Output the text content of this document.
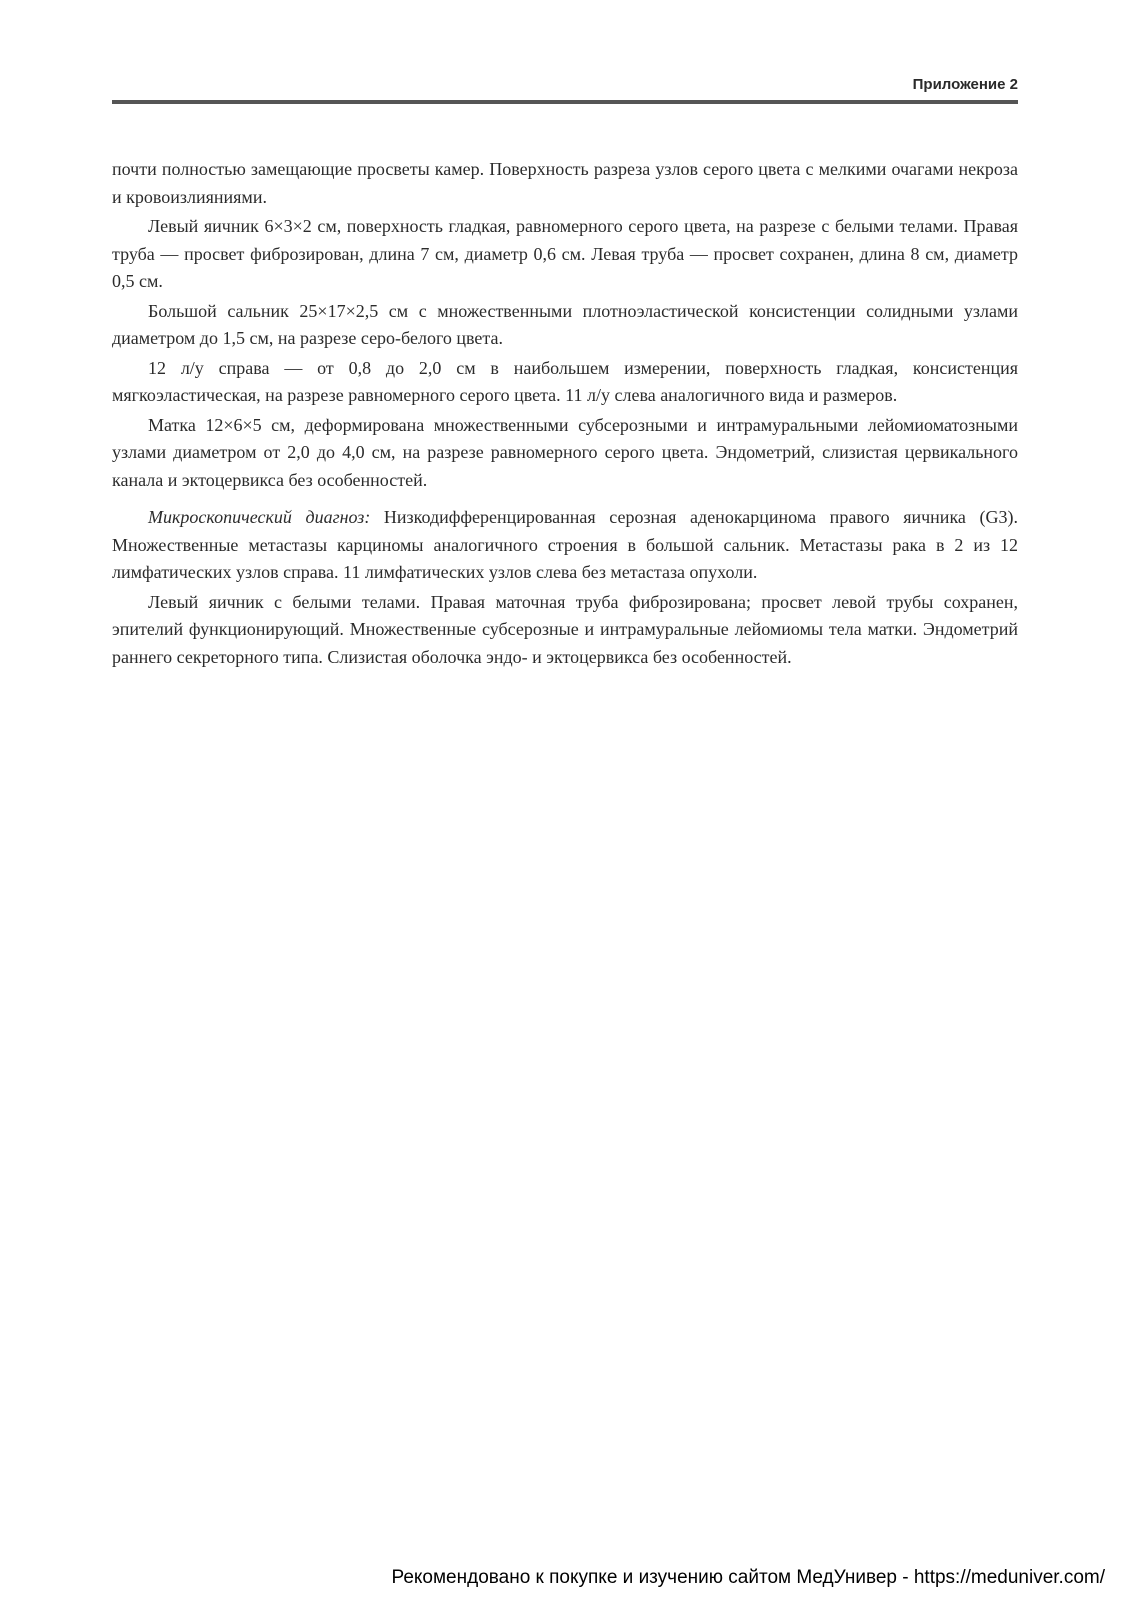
Приложение 2

почти полностью замещающие просветы камер. Поверхность разреза узлов серого цвета с мелкими очагами некроза и кровоизлияниями.

Левый яичник 6×3×2 см, поверхность гладкая, равномерного серого цвета, на разрезе с белыми телами. Правая труба — просвет фиброзирован, длина 7 см, диаметр 0,6 см. Левая труба — просвет сохранен, длина 8 см, диаметр 0,5 см.

Большой сальник 25×17×2,5 см с множественными плотноэластической консистенции солидными узлами диаметром до 1,5 см, на разрезе серо-белого цвета.

12 л/у справа — от 0,8 до 2,0 см в наибольшем измерении, поверхность гладкая, консистенция мягкоэластическая, на разрезе равномерного серого цвета. 11 л/у слева аналогичного вида и размеров.

Матка 12×6×5 см, деформирована множественными субсерозными и интрамуральными лейомиоматозными узлами диаметром от 2,0 до 4,0 см, на разрезе равномерного серого цвета. Эндометрий, слизистая цервикального канала и эктоцервикса без особенностей.

Микроскопический диагноз: Низкодифференцированная серозная аденокарцинома правого яичника (G3). Множественные метастазы карциномы аналогичного строения в большой сальник. Метастазы рака в 2 из 12 лимфатических узлов справа. 11 лимфатических узлов слева без метастаза опухоли.

Левый яичник с белыми телами. Правая маточная труба фиброзирована; просвет левой трубы сохранен, эпителий функционирующий. Множественные субсерозные и интрамуральные лейомиомы тела матки. Эндометрий раннего секреторного типа. Слизистая оболочка эндо- и эктоцервикса без особенностей.

Рекомендовано к покупке и изучению сайтом МедУнивер - https://meduniver.com/
